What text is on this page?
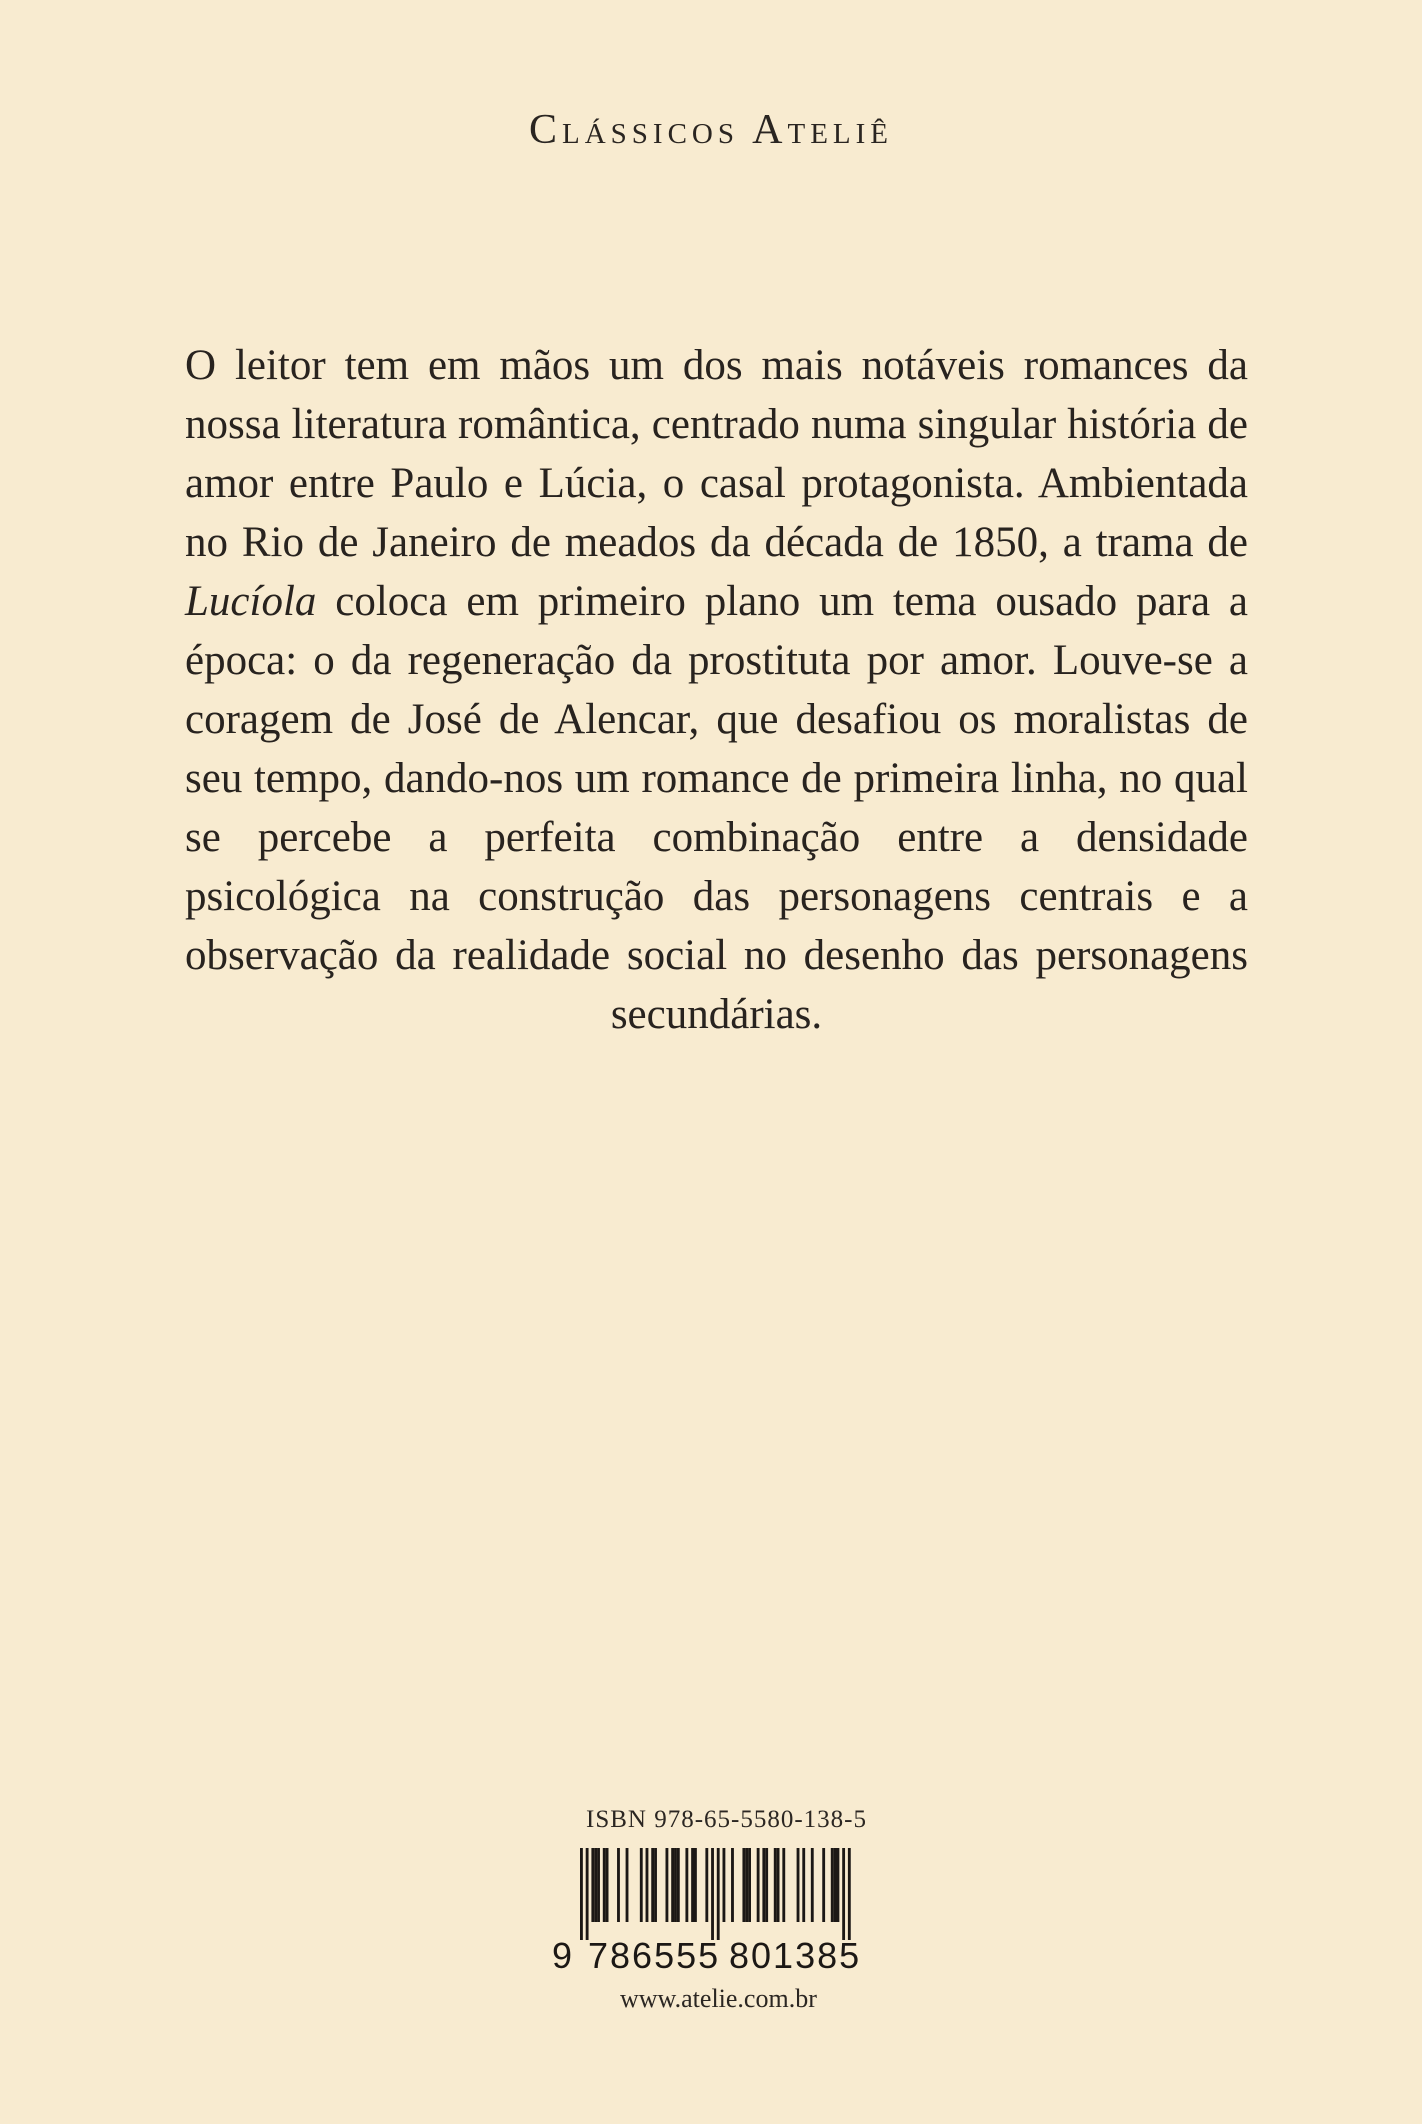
Clássicos Ateliê

O leitor tem em mãos um dos mais notáveis romances da nossa literatura romântica, centrado numa singular história de amor entre Paulo e Lúcia, o casal protagonista. Ambientada no Rio de Janeiro de meados da década de 1850, a trama de Lucíola coloca em primeiro plano um tema ousado para a época: o da regeneração da prostituta por amor. Louve-se a coragem de José de Alencar, que desafiou os moralistas de seu tempo, dando-nos um romance de primeira linha, no qual se percebe a perfeita combinação entre a densidade psicológica na construção das personagens centrais e a observação da realidade social no desenho das personagens secundárias.

ISBN 978-65-5580-138-5
9 786555 801385
www.atelie.com.br
